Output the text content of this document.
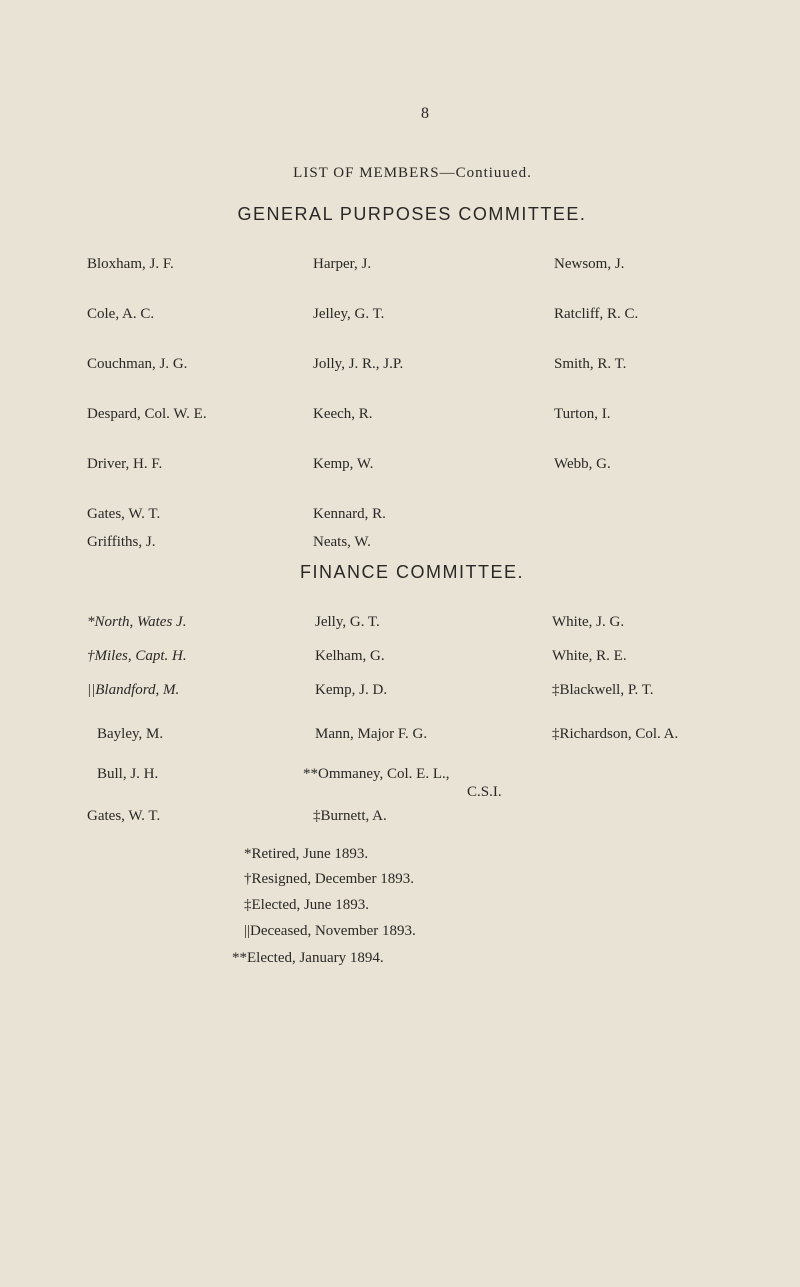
8
LIST OF MEMBERS—Contiuued.
GENERAL PURPOSES COMMITTEE.
Bloxham, J. F.
Cole, A. C.
Couchman, J. G.
Despard, Col. W. E.
Driver, H. F.
Gates, W. T.
Griffiths, J.
Harper, J.
Jelley, G. T.
Jolly, J. R., J.P.
Keech, R.
Kemp, W.
Kennard, R.
Neats, W.
Newsom, J.
Ratcliff, R. C.
Smith, R. T.
Turton, I.
Webb, G.
FINANCE COMMITTEE.
*North, Wates J.
†Miles, Capt. H.
||Blandford, M.
Bayley, M.
Bull, J. H.
Gates, W. T.
Jelly, G. T.
Kelham, G.
Kemp, J. D.
Mann, Major F. G.
**Ommaney, Col. E. L.,
C.S.I.
‡Burnett, A.
White, J. G.
White, R. E.
‡Blackwell, P. T.
‡Richardson, Col. A.
*Retired, June 1893.
†Resigned, December 1893.
‡Elected, June 1893.
||Deceased, November 1893.
**Elected, January 1894.
